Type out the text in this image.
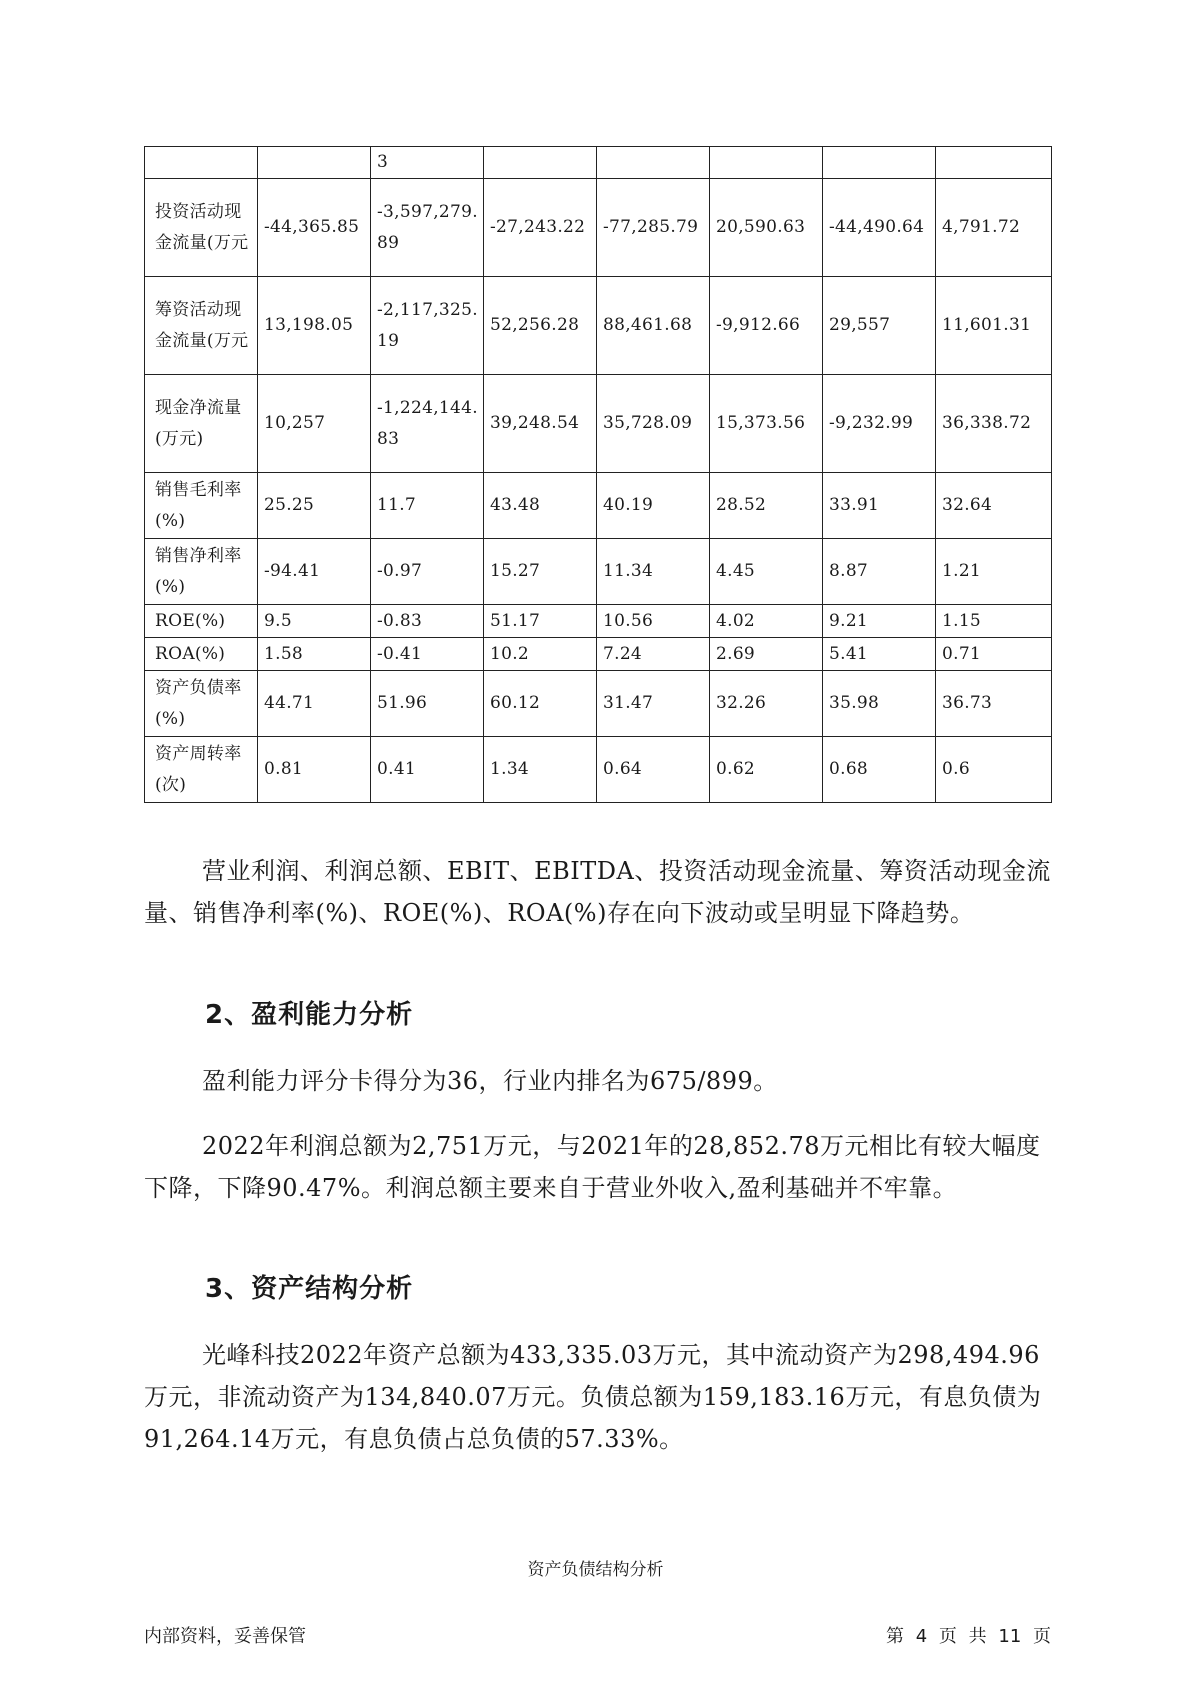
		3					
投资活动现金流量(万元	-44,365.85	-3,597,279.89	-27,243.22	-77,285.79	20,590.63	-44,490.64	4,791.72
筹资活动现金流量(万元	13,198.05	-2,117,325.19	52,256.28	88,461.68	-9,912.66	29,557	11,601.31
现金净流量(万元)	10,257	-1,224,144.83	39,248.54	35,728.09	15,373.56	-9,232.99	36,338.72
销售毛利率(%)	25.25	11.7	43.48	40.19	28.52	33.91	32.64
销售净利率(%)	-94.41	-0.97	15.27	11.34	4.45	8.87	1.21
ROE(%)	9.5	-0.83	51.17	10.56	4.02	9.21	1.15
ROA(%)	1.58	-0.41	10.2	7.24	2.69	5.41	0.71
资产负债率(%)	44.71	51.96	60.12	31.47	32.26	35.98	36.73
资产周转率(次)	0.81	0.41	1.34	0.64	0.62	0.68	0.6

营业利润、利润总额、EBIT、EBITDA、投资活动现金流量、筹资活动现金流量、销售净利率(%)、ROE(%)、ROA(%)存在向下波动或呈明显下降趋势。

2、盈利能力分析

盈利能力评分卡得分为36，行业内排名为675/899。

2022年利润总额为2,751万元，与2021年的28,852.78万元相比有较大幅度下降，下降90.47%。利润总额主要来自于营业外收入,盈利基础并不牢靠。

3、资产结构分析

光峰科技2022年资产总额为433,335.03万元，其中流动资产为298,494.96万元，非流动资产为134,840.07万元。负债总额为159,183.16万元，有息负债为91,264.14万元，有息负债占总负债的57.33%。

资产负债结构分析
内部资料，妥善保管	第 4 页 共 11 页
